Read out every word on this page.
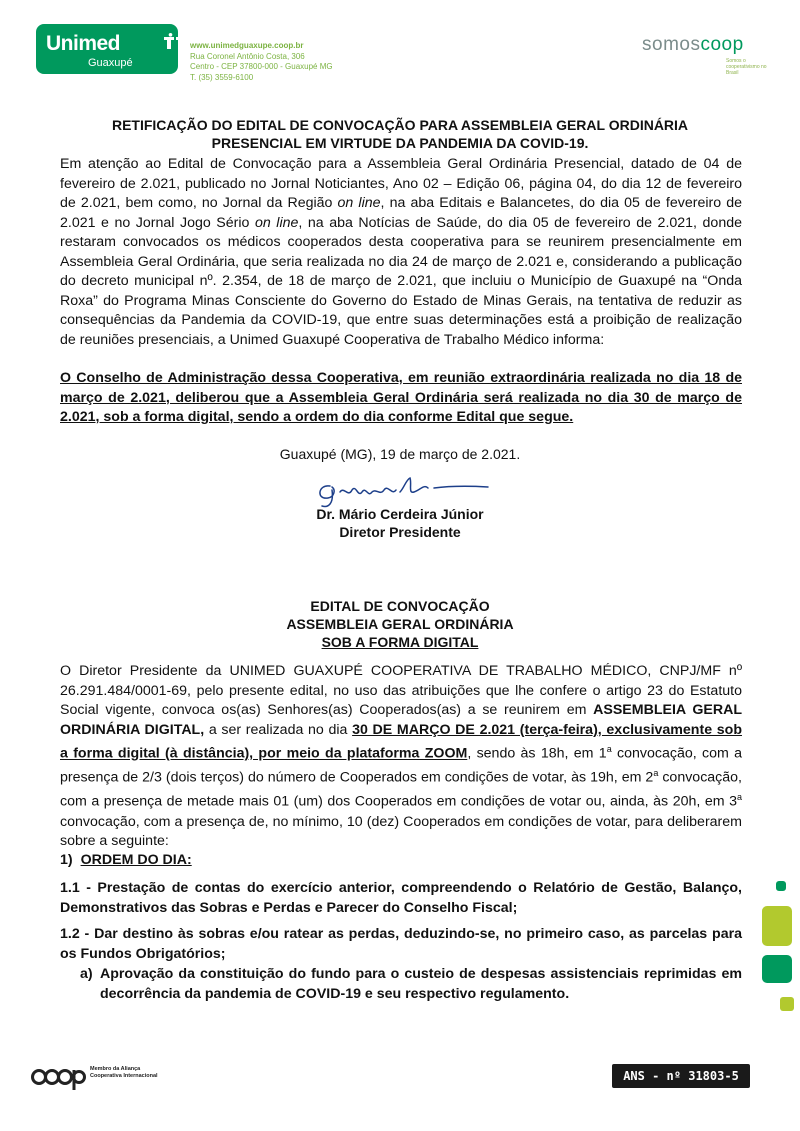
Unimed
Guaxupé
www.unimedguaxupe.coop.br
Rua Coronel Antônio Costa, 306
Centro - CEP 37800-000 - Guaxupé MG
T. (35) 3559-6100
somoscoop
Somos o cooperativismo no Brasil
RETIFICAÇÃO DO EDITAL DE CONVOCAÇÃO PARA ASSEMBLEIA GERAL ORDINÁRIA
PRESENCIAL EM VIRTUDE DA PANDEMIA DA COVID-19.
Em atenção ao Edital de Convocação para a Assembleia Geral Ordinária Presencial, datado de 04 de fevereiro de 2.021, publicado no Jornal Noticiantes, Ano 02 – Edição 06, página 04, do dia 12 de fevereiro de 2.021, bem como, no Jornal da Região on line, na aba Editais e Balancetes, do dia 05 de fevereiro de 2.021 e no Jornal Jogo Sério on line, na aba Notícias de Saúde, do dia 05 de fevereiro de 2.021, donde restaram convocados os médicos cooperados desta cooperativa para se reunirem presencialmente em Assembleia Geral Ordinária, que seria realizada no dia 24 de março de 2.021 e, considerando a publicação do decreto municipal nº. 2.354, de 18 de março de 2.021, que incluiu o Município de Guaxupé na “Onda Roxa” do Programa Minas Consciente do Governo do Estado de Minas Gerais, na tentativa de reduzir as consequências da Pandemia da COVID-19, que entre suas determinações está a proibição de realização de reuniões presenciais, a Unimed Guaxupé Cooperativa de Trabalho Médico informa:
O Conselho de Administração dessa Cooperativa, em reunião extraordinária realizada no dia 18 de março de 2.021, deliberou que a Assembleia Geral Ordinária será realizada no dia 30 de março de 2.021, sob a forma digital, sendo a ordem do dia conforme Edital que segue.
Guaxupé (MG), 19 de março de 2.021.
Dr. Mário Cerdeira Júnior
Diretor Presidente
EDITAL DE CONVOCAÇÃO
ASSEMBLEIA GERAL ORDINÁRIA
SOB A FORMA DIGITAL
O Diretor Presidente da UNIMED GUAXUPÉ COOPERATIVA DE TRABALHO MÉDICO, CNPJ/MF nº 26.291.484/0001-69, pelo presente edital, no uso das atribuições que lhe confere o artigo 23 do Estatuto Social vigente, convoca os(as) Senhores(as) Cooperados(as) a se reunirem em ASSEMBLEIA GERAL ORDINÁRIA DIGITAL, a ser realizada no dia 30 DE MARÇO DE 2.021 (terça-feira), exclusivamente sob a forma digital (à distância), por meio da plataforma ZOOM, sendo às 18h, em 1$^a$ convocação, com a presença de 2/3 (dois terços) do número de Cooperados em condições de votar, às 19h, em 2$^a$ convocação, com a presença de metade mais 01 (um) dos Cooperados em condições de votar ou, ainda, às 20h, em 3$^a$ convocação, com a presença de, no mínimo, 10 (dez) Cooperados em condições de votar, para deliberarem sobre a seguinte:
1) ORDEM DO DIA:
1.1 - Prestação de contas do exercício anterior, compreendendo o Relatório de Gestão, Balanço, Demonstrativos das Sobras e Perdas e Parecer do Conselho Fiscal;
1.2 - Dar destino às sobras e/ou ratear as perdas, deduzindo-se, no primeiro caso, as parcelas para os Fundos Obrigatórios;
a) Aprovação da constituição do fundo para o custeio de despesas assistenciais reprimidas em decorrência da pandemia de COVID-19 e seu respectivo regulamento.
Membro da Aliança
Cooperativa Internacional	ANS - nº 31803-5
